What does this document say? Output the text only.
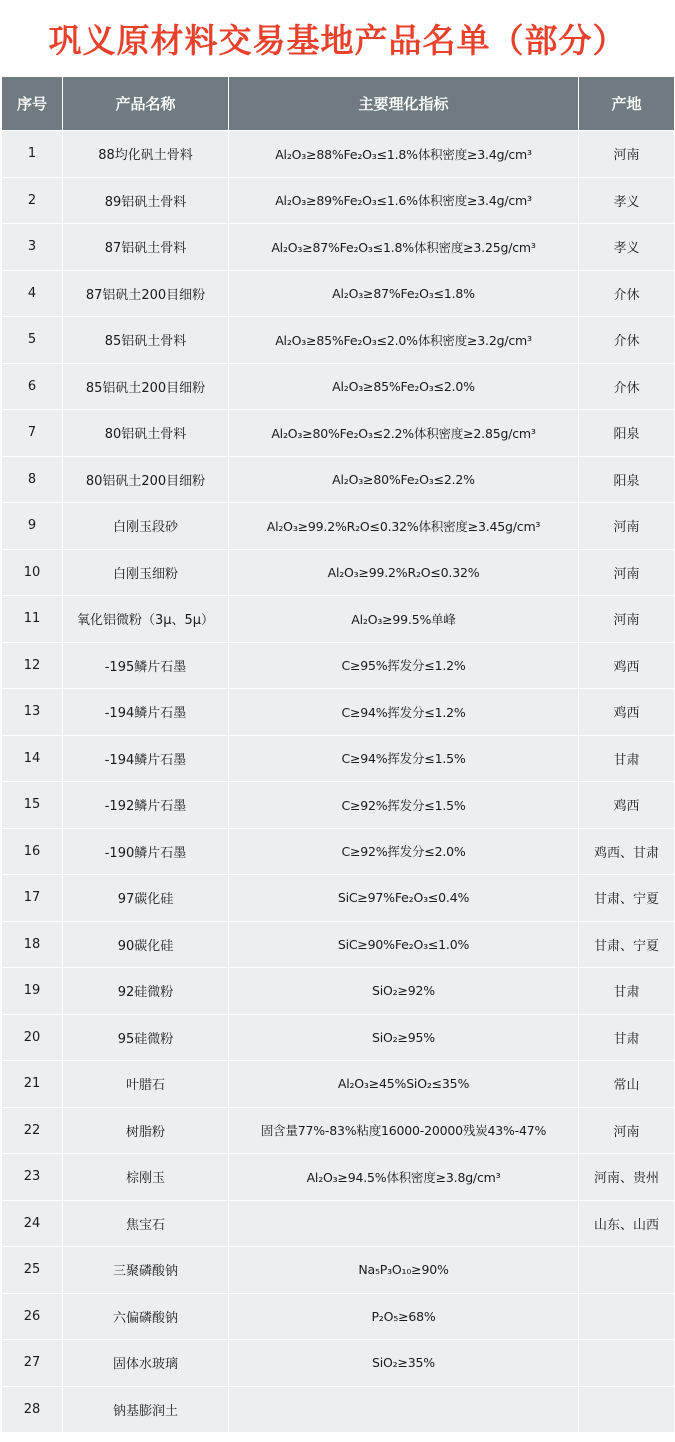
巩义原材料交易基地产品名单（部分）
序号	产品名称	主要理化指标	产地
1	88均化矾土骨料	Al₂O₃≥88%Fe₂O₃≤1.8%体积密度≥3.4g/cm³	河南
2	89铝矾土骨料	Al₂O₃≥89%Fe₂O₃≤1.6%体积密度≥3.4g/cm³	孝义
3	87铝矾土骨料	Al₂O₃≥87%Fe₂O₃≤1.8%体积密度≥3.25g/cm³	孝义
4	87铝矾土200目细粉	Al₂O₃≥87%Fe₂O₃≤1.8%	介休
5	85铝矾土骨料	Al₂O₃≥85%Fe₂O₃≤2.0%体积密度≥3.2g/cm³	介休
6	85铝矾土200目细粉	Al₂O₃≥85%Fe₂O₃≤2.0%	介休
7	80铝矾土骨料	Al₂O₃≥80%Fe₂O₃≤2.2%体积密度≥2.85g/cm³	阳泉
8	80铝矾土200目细粉	Al₂O₃≥80%Fe₂O₃≤2.2%	阳泉
9	白刚玉段砂	Al₂O₃≥99.2%R₂O≤0.32%体积密度≥3.45g/cm³	河南
10	白刚玉细粉	Al₂O₃≥99.2%R₂O≤0.32%	河南
11	氧化铝微粉（3μ、5μ）	Al₂O₃≥99.5%单峰	河南
12	-195鳞片石墨	C≥95%挥发分≤1.2%	鸡西
13	-194鳞片石墨	C≥94%挥发分≤1.2%	鸡西
14	-194鳞片石墨	C≥94%挥发分≤1.5%	甘肃
15	-192鳞片石墨	C≥92%挥发分≤1.5%	鸡西
16	-190鳞片石墨	C≥92%挥发分≤2.0%	鸡西、甘肃
17	97碳化硅	SiC≥97%Fe₂O₃≤0.4%	甘肃、宁夏
18	90碳化硅	SiC≥90%Fe₂O₃≤1.0%	甘肃、宁夏
19	92硅微粉	SiO₂≥92%	甘肃
20	95硅微粉	SiO₂≥95%	甘肃
21	叶腊石	Al₂O₃≥45%SiO₂≤35%	常山
22	树脂粉	固含量77%-83%粘度16000-20000残炭43%-47%	河南
23	棕刚玉	Al₂O₃≥94.5%体积密度≥3.8g/cm³	河南、贵州
24	焦宝石		山东、山西
25	三聚磷酸钠	Na₅P₃O₁₀≥90%	
26	六偏磷酸钠	P₂O₅≥68%	
27	固体水玻璃	SiO₂≥35%	
28	钠基膨润土		
